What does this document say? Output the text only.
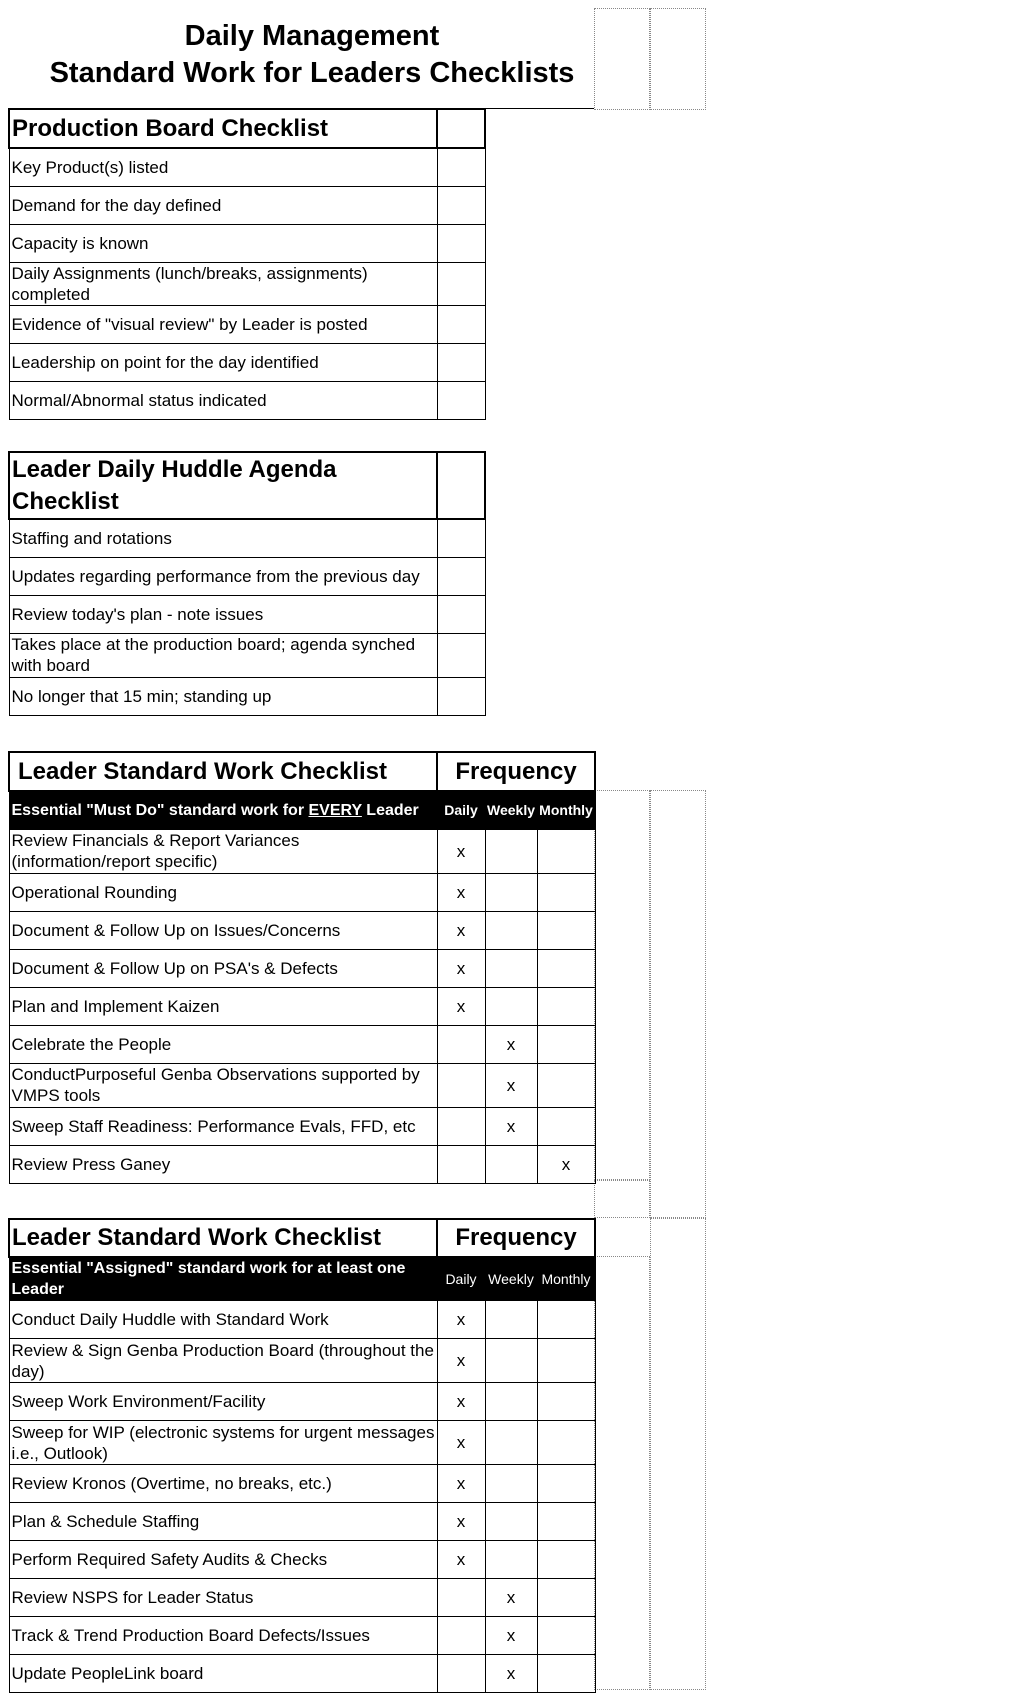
Daily Management
Standard Work for Leaders Checklists
Production Board Checklist	
Key Product(s) listed	
Demand for the day defined	
Capacity is known	
Daily Assignments (lunch/breaks, assignments) completed	
Evidence of "visual review" by Leader is posted	
Leadership on point for the day identified	
Normal/Abnormal status indicated	
Leader Daily Huddle Agenda
Checklist	

Staffing and rotations	
Updates regarding performance from the previous day	
Review today's plan - note issues	
Takes place at the production board; agenda synched with board	
No longer that 15 min; standing up	
Leader Standard Work Checklist	Frequency		
Essential "Must Do" standard work for EVERY Leader	Daily	Weekly	Monthly
Review Financials & Report Variances (information/report specific)	x		
Operational Rounding	x		
Document & Follow Up on Issues/Concerns	x		
Document & Follow Up on PSA's & Defects	x		
Plan and Implement Kaizen	x		
Celebrate the People		x	
ConductPurposeful Genba Observations supported by VMPS tools		x	
Sweep Staff Readiness: Performance Evals, FFD, etc		x	
Review Press Ganey			x
Leader Standard Work Checklist	Frequency		
Essential "Assigned" standard work for at least one Leader	Daily	Weekly	Monthly
Conduct Daily Huddle with Standard Work	x		
Review & Sign Genba Production Board (throughout the day)	x		
Sweep Work Environment/Facility	x		
Sweep for WIP (electronic systems for urgent messages i.e., Outlook)	x		
Review Kronos (Overtime, no breaks, etc.)	x		
Plan & Schedule Staffing	x		
Perform Required Safety Audits & Checks	x		
Review NSPS for Leader Status		x	
Track & Trend Production Board Defects/Issues		x	
Update PeopleLink board		x	
